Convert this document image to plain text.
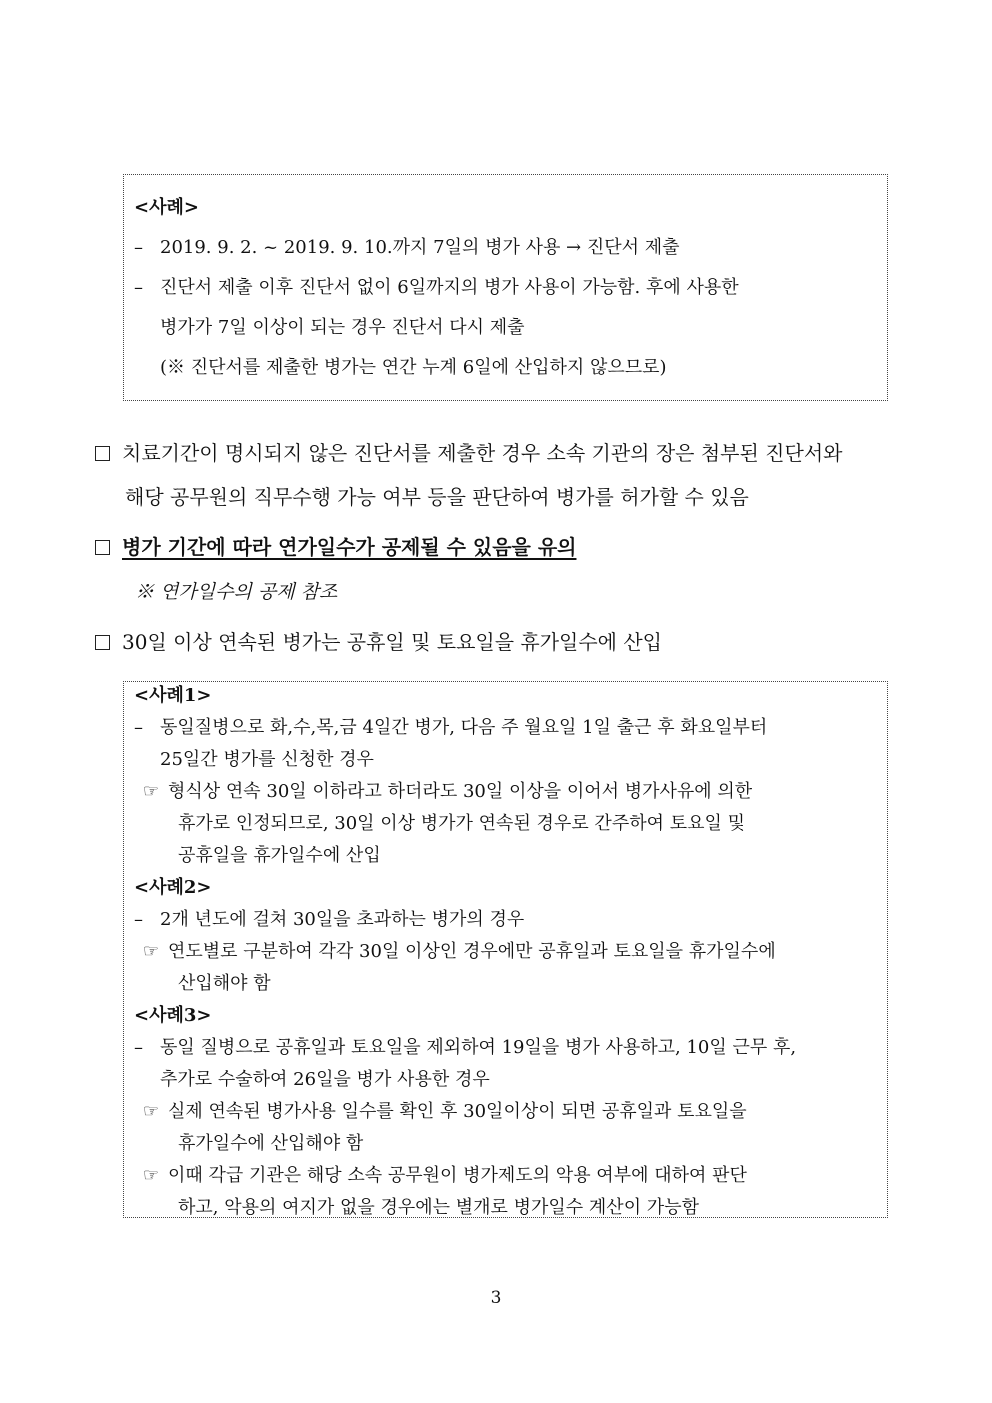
<사례>
– 2019. 9. 2. ~ 2019. 9. 10.까지 7일의 병가 사용 → 진단서 제출
– 진단서 제출 이후 진단서 없이 6일까지의 병가 사용이 가능함. 후에 사용한
병가가 7일 이상이 되는 경우 진단서 다시 제출
(※ 진단서를 제출한 병가는 연간 누계 6일에 산입하지 않으므로)
치료기간이 명시되지 않은 진단서를 제출한 경우 소속 기관의 장은 첨부된 진단서와
해당 공무원의 직무수행 가능 여부 등을 판단하여 병가를 허가할 수 있음
병가 기간에 따라 연가일수가 공제될 수 있음을 유의
※ 연가일수의 공제 참조
30일 이상 연속된 병가는 공휴일 및 토요일을 휴가일수에 산입
<사례1>
– 동일질병으로 화,수,목,금 4일간 병가, 다음 주 월요일 1일 출근 후 화요일부터
25일간 병가를 신청한 경우
☞ 형식상 연속 30일 이하라고 하더라도 30일 이상을 이어서 병가사유에 의한
휴가로 인정되므로, 30일 이상 병가가 연속된 경우로 간주하여 토요일 및
공휴일을 휴가일수에 산입
<사례2>
– 2개 년도에 걸쳐 30일을 초과하는 병가의 경우
☞ 연도별로 구분하여 각각 30일 이상인 경우에만 공휴일과 토요일을 휴가일수에
산입해야 함
<사례3>
– 동일 질병으로 공휴일과 토요일을 제외하여 19일을 병가 사용하고, 10일 근무 후,
추가로 수술하여 26일을 병가 사용한 경우
☞ 실제 연속된 병가사용 일수를 확인 후 30일이상이 되면 공휴일과 토요일을
휴가일수에 산입해야 함
☞ 이때 각급 기관은 해당 소속 공무원이 병가제도의 악용 여부에 대하여 판단
하고, 악용의 여지가 없을 경우에는 별개로 병가일수 계산이 가능함
3
